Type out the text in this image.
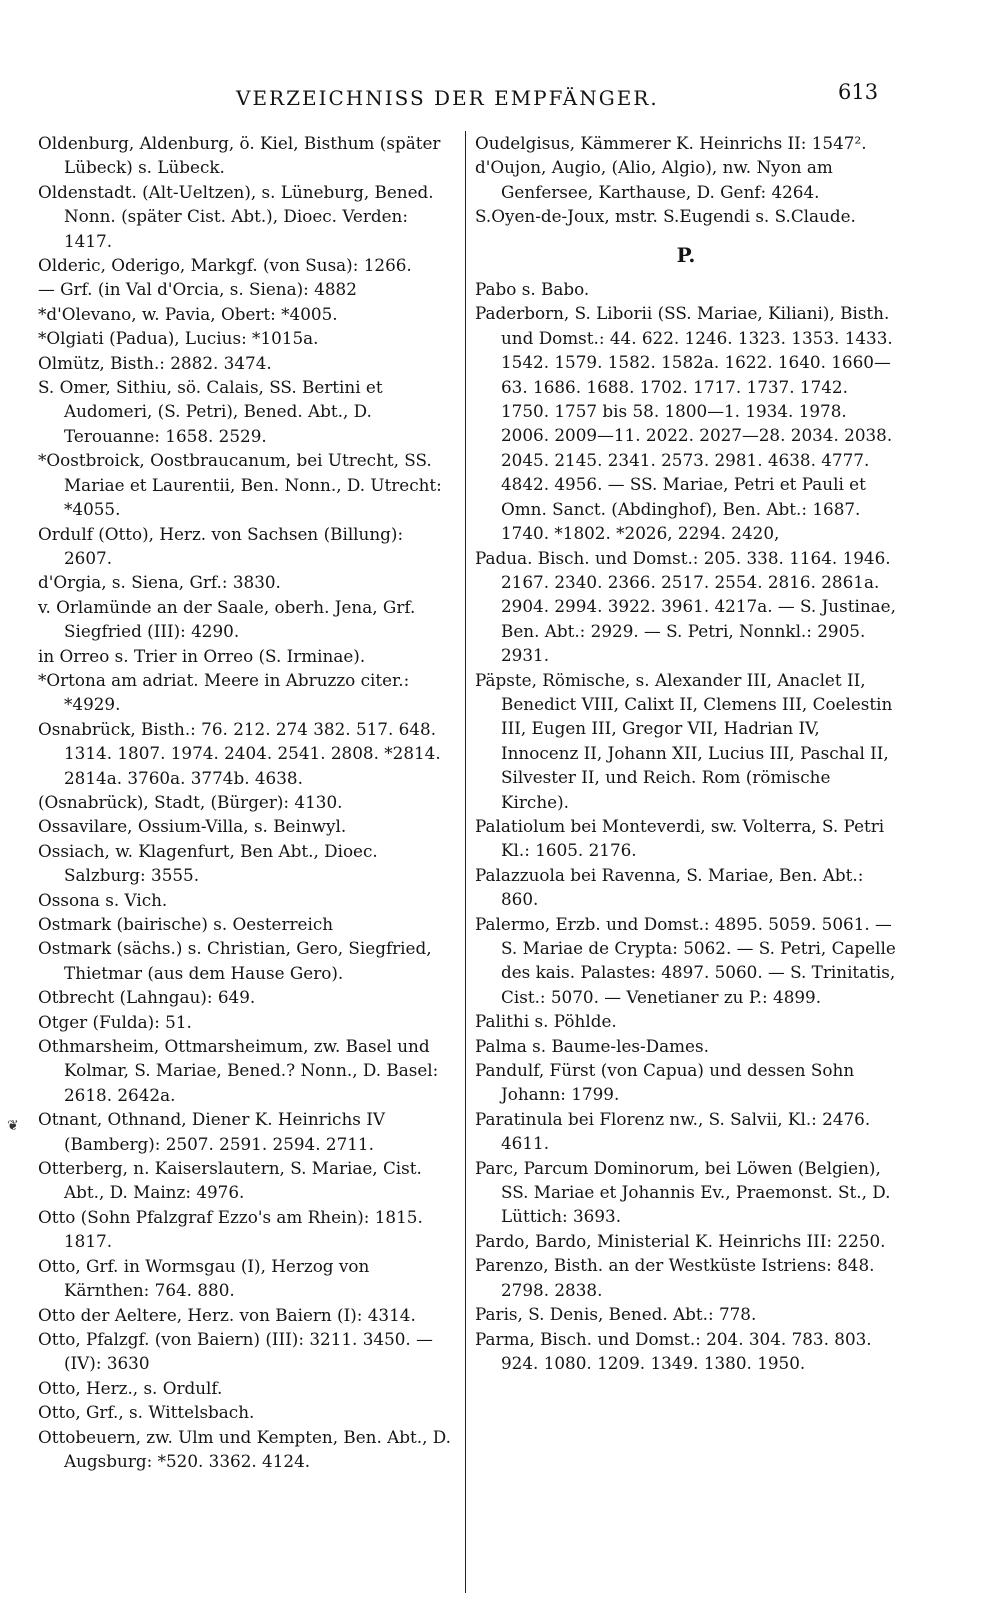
VERZEICHNISS DER EMPFÄNGER.	613
❦
Oldenburg, Aldenburg, ö. Kiel, Bisthum (später Lübeck) s. Lübeck.
Oldenstadt. (Alt-Ueltzen), s. Lüneburg, Bened. Nonn. (später Cist. Abt.), Dioec. Verden: 1417.
Olderic, Oderigo, Markgf. (von Susa): 1266.
— Grf. (in Val d'Orcia, s. Siena): 4882
*d'Olevano, w. Pavia, Obert: *4005.
*Olgiati (Padua), Lucius: *1015a.
Olmütz, Bisth.: 2882. 3474.
S. Omer, Sithiu, sö. Calais, SS. Bertini et Audomeri, (S. Petri), Bened. Abt., D. Terouanne: 1658. 2529.
*Oostbroick, Oostbraucanum, bei Utrecht, SS. Mariae et Laurentii, Ben. Nonn., D. Utrecht: *4055.
Ordulf (Otto), Herz. von Sachsen (Billung): 2607.
d'Orgia, s. Siena, Grf.: 3830.
v. Orlamünde an der Saale, oberh. Jena, Grf. Siegfried (III): 4290.
in Orreo s. Trier in Orreo (S. Irminae).
*Ortona am adriat. Meere in Abruzzo citer.: *4929.
Osnabrück, Bisth.: 76. 212. 274 382. 517. 648. 1314. 1807. 1974. 2404. 2541. 2808. *2814. 2814a. 3760a. 3774b. 4638.
(Osnabrück), Stadt, (Bürger): 4130.
Ossavilare, Ossium-Villa, s. Beinwyl.
Ossiach, w. Klagenfurt, Ben Abt., Dioec. Salzburg: 3555.
Ossona s. Vich.
Ostmark (bairische) s. Oesterreich
Ostmark (sächs.) s. Christian, Gero, Siegfried, Thietmar (aus dem Hause Gero).
Otbrecht (Lahngau): 649.
Otger (Fulda): 51.
Othmarsheim, Ottmarsheimum, zw. Basel und Kolmar, S. Mariae, Bened.? Nonn., D. Basel: 2618. 2642a.
Otnant, Othnand, Diener K. Heinrichs IV (Bamberg): 2507. 2591. 2594. 2711.
Otterberg, n. Kaiserslautern, S. Mariae, Cist. Abt., D. Mainz: 4976.
Otto (Sohn Pfalzgraf Ezzo's am Rhein): 1815. 1817.
Otto, Grf. in Wormsgau (I), Herzog von Kärnthen: 764. 880.
Otto der Aeltere, Herz. von Baiern (I): 4314.
Otto, Pfalzgf. (von Baiern) (III): 3211. 3450. — (IV): 3630
Otto, Herz., s. Ordulf.
Otto, Grf., s. Wittelsbach.
Ottobeuern, zw. Ulm und Kempten, Ben. Abt., D. Augsburg: *520. 3362. 4124.
Oudelgisus, Kämmerer K. Heinrichs II: 1547².
d'Oujon, Augio, (Alio, Algio), nw. Nyon am Genfersee, Karthause, D. Genf: 4264.
S.Oyen-de-Joux, mstr. S.Eugendi s. S.Claude.
P.
Pabo s. Babo.
Paderborn, S. Liborii (SS. Mariae, Kiliani), Bisth. und Domst.: 44. 622. 1246. 1323. 1353. 1433. 1542. 1579. 1582. 1582a. 1622. 1640. 1660—63. 1686. 1688. 1702. 1717. 1737. 1742. 1750. 1757 bis 58. 1800—1. 1934. 1978. 2006. 2009—11. 2022. 2027—28. 2034. 2038. 2045. 2145. 2341. 2573. 2981. 4638. 4777. 4842. 4956. — SS. Mariae, Petri et Pauli et Omn. Sanct. (Abdinghof), Ben. Abt.: 1687. 1740. *1802. *2026, 2294. 2420,
Padua. Bisch. und Domst.: 205. 338. 1164. 1946. 2167. 2340. 2366. 2517. 2554. 2816. 2861a. 2904. 2994. 3922. 3961. 4217a. — S. Justinae, Ben. Abt.: 2929. — S. Petri, Nonnkl.: 2905. 2931.
Päpste, Römische, s. Alexander III, Anaclet II, Benedict VIII, Calixt II, Clemens III, Coelestin III, Eugen III, Gregor VII, Hadrian IV, Innocenz II, Johann XII, Lucius III, Paschal II, Silvester II, und Reich. Rom (römische Kirche).
Palatiolum bei Monteverdi, sw. Volterra, S. Petri Kl.: 1605. 2176.
Palazzuola bei Ravenna, S. Mariae, Ben. Abt.: 860.
Palermo, Erzb. und Domst.: 4895. 5059. 5061. — S. Mariae de Crypta: 5062. — S. Petri, Capelle des kais. Palastes: 4897. 5060. — S. Trinitatis, Cist.: 5070. — Venetianer zu P.: 4899.
Palithi s. Pöhlde.
Palma s. Baume-les-Dames.
Pandulf, Fürst (von Capua) und dessen Sohn Johann: 1799.
Paratinula bei Florenz nw., S. Salvii, Kl.: 2476. 4611.
Parc, Parcum Dominorum, bei Löwen (Belgien), SS. Mariae et Johannis Ev., Praemonst. St., D. Lüttich: 3693.
Pardo, Bardo, Ministerial K. Heinrichs III: 2250.
Parenzo, Bisth. an der Westküste Istriens: 848. 2798. 2838.
Paris, S. Denis, Bened. Abt.: 778.
Parma, Bisch. und Domst.: 204. 304. 783. 803. 924. 1080. 1209. 1349. 1380. 1950.
